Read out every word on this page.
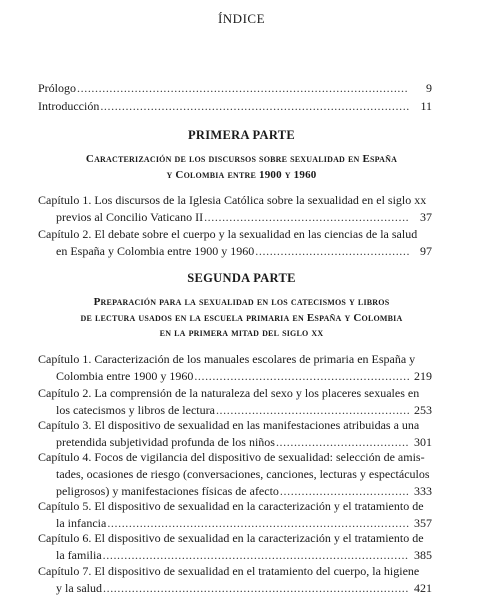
ÍNDICE
Prólogo .....	9
Introducción .....	11
PRIMERA PARTE
Caracterización de los discursos sobre sexualidad en España
y Colombia entre 1900 y 1960
Capítulo 1. Los discursos de la Iglesia Católica sobre la sexualidad en el siglo xx
previos al Concilio Vaticano II .....	37
Capítulo 2. El debate sobre el cuerpo y la sexualidad en las ciencias de la salud
en España y Colombia entre 1900 y 1960 .....	97
SEGUNDA PARTE
Preparación para la sexualidad en los catecismos y libros
de lectura usados en la escuela primaria en España y Colombia
en la primera mitad del siglo xx
Capítulo 1. Caracterización de los manuales escolares de primaria en España y
Colombia entre 1900 y 1960 .....	219
Capítulo 2. La comprensión de la naturaleza del sexo y los placeres sexuales en
los catecismos y libros de lectura .....	253
Capítulo 3. El dispositivo de sexualidad en las manifestaciones atribuidas a una
pretendida subjetividad profunda de los niños .....	301
Capítulo 4. Focos de vigilancia del dispositivo de sexualidad: selección de amis-
tades, ocasiones de riesgo (conversaciones, canciones, lecturas y espectáculos
peligrosos) y manifestaciones físicas de afecto .....	333
Capítulo 5. El dispositivo de sexualidad en la caracterización y el tratamiento de
la infancia .....	357
Capítulo 6. El dispositivo de sexualidad en la caracterización y el tratamiento de
la familia .....	385
Capítulo 7. El dispositivo de sexualidad en el tratamiento del cuerpo, la higiene
y la salud .....	421
